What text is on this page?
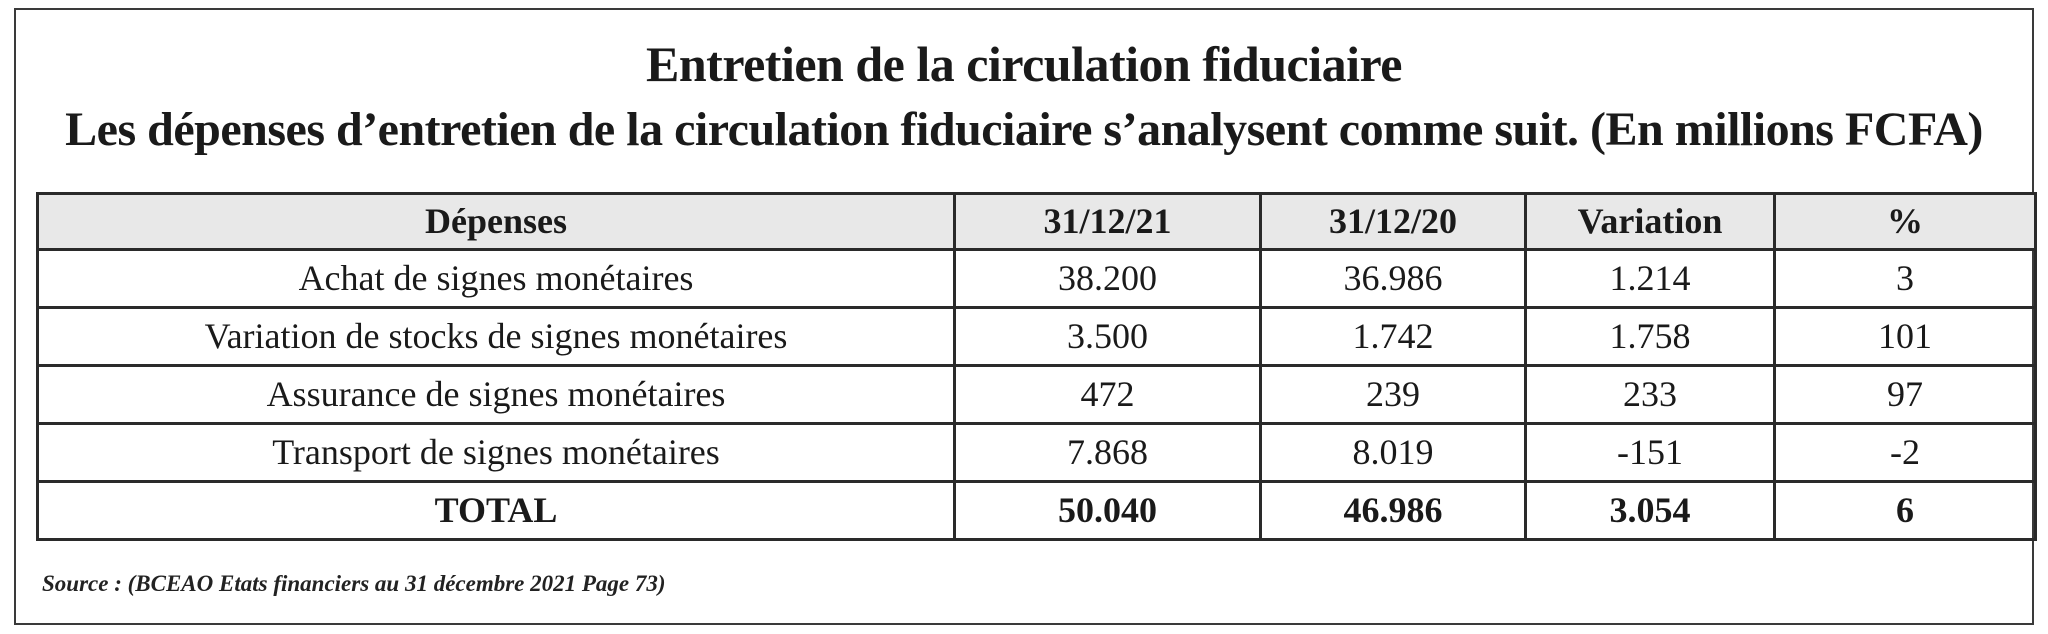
Entretien de la circulation fiduciaire
Les dépenses d’entretien de la circulation fiduciaire s’analysent comme suit. (En millions FCFA)
Dépenses	31/12/21	31/12/20	Variation	%
Achat de signes monétaires	38.200	36.986	1.214	3
Variation de stocks de signes monétaires	3.500	1.742	1.758	101
Assurance de signes monétaires	472	239	233	97
Transport de signes monétaires	7.868	8.019	-151	-2
TOTAL	50.040	46.986	3.054	6
Source : (BCEAO Etats financiers au 31 décembre 2021 Page 73)
